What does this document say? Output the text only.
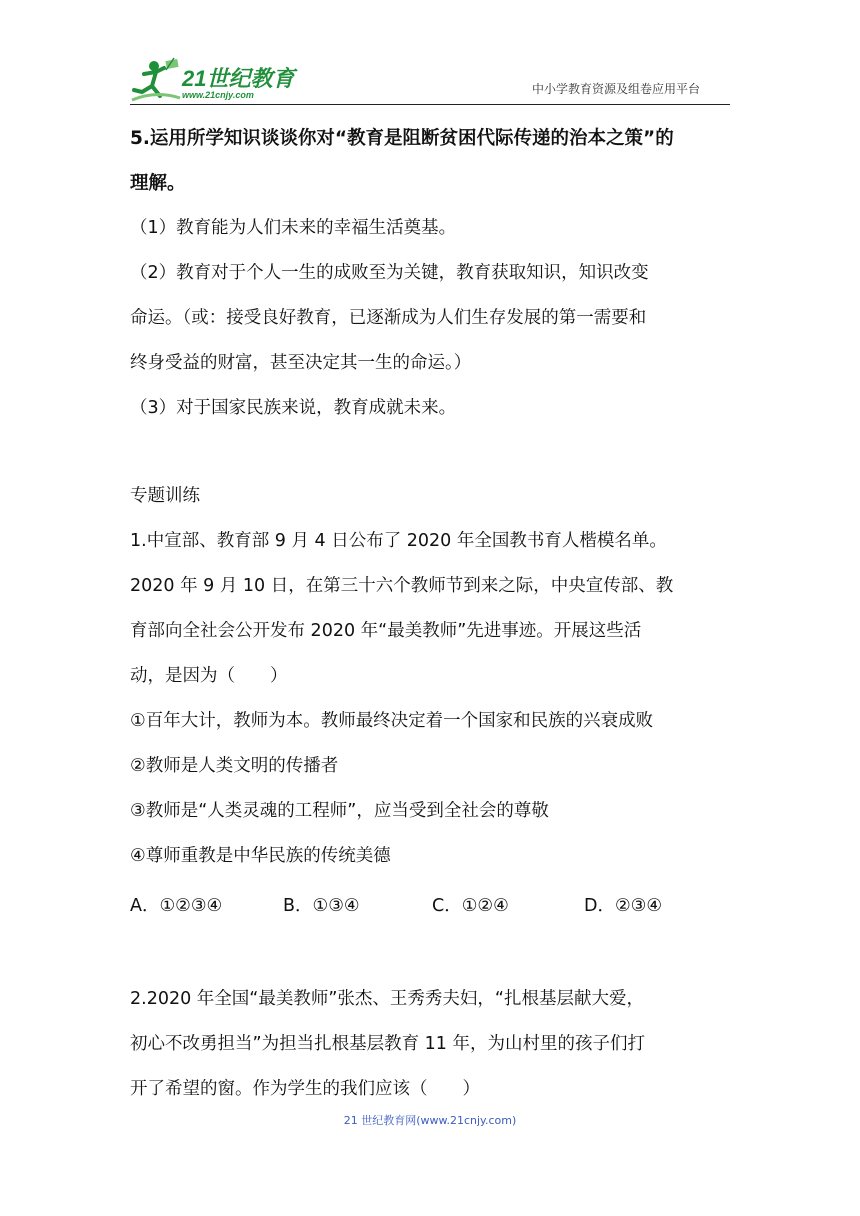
21世纪教育
www.21cnjy.com	中小学教育资源及组卷应用平台
5.运用所学知识谈谈你对“教育是阻断贫困代际传递的治本之策”的
理解。
（1）教育能为人们未来的幸福生活奠基。
（2）教育对于个人一生的成败至为关键，教育获取知识，知识改变
命运。（或：接受良好教育，已逐渐成为人们生存发展的第一需要和
终身受益的财富，甚至决定其一生的命运。）
（3）对于国家民族来说，教育成就未来。
专题训练
1.中宣部、教育部 9 月 4 日公布了 2020 年全国教书育人楷模名单。
2020 年 9 月 10 日，在第三十六个教师节到来之际，中央宣传部、教
育部向全社会公开发布 2020 年“最美教师”先进事迹。开展这些活
动，是因为（　　）
①百年大计，教师为本。教师最终决定着一个国家和民族的兴衰成败
②教师是人类文明的传播者
③教师是“人类灵魂的工程师”，应当受到全社会的尊敬
④尊师重教是中华民族的传统美德
A．①②③④	B．①③④	C．①②④	D．②③④
2.2020 年全国“最美教师”张杰、王秀秀夫妇，“扎根基层献大爱，
初心不改勇担当”为担当扎根基层教育 11 年，为山村里的孩子们打
开了希望的窗。作为学生的我们应该（　　）
21 世纪教育网(www.21cnjy.com)
